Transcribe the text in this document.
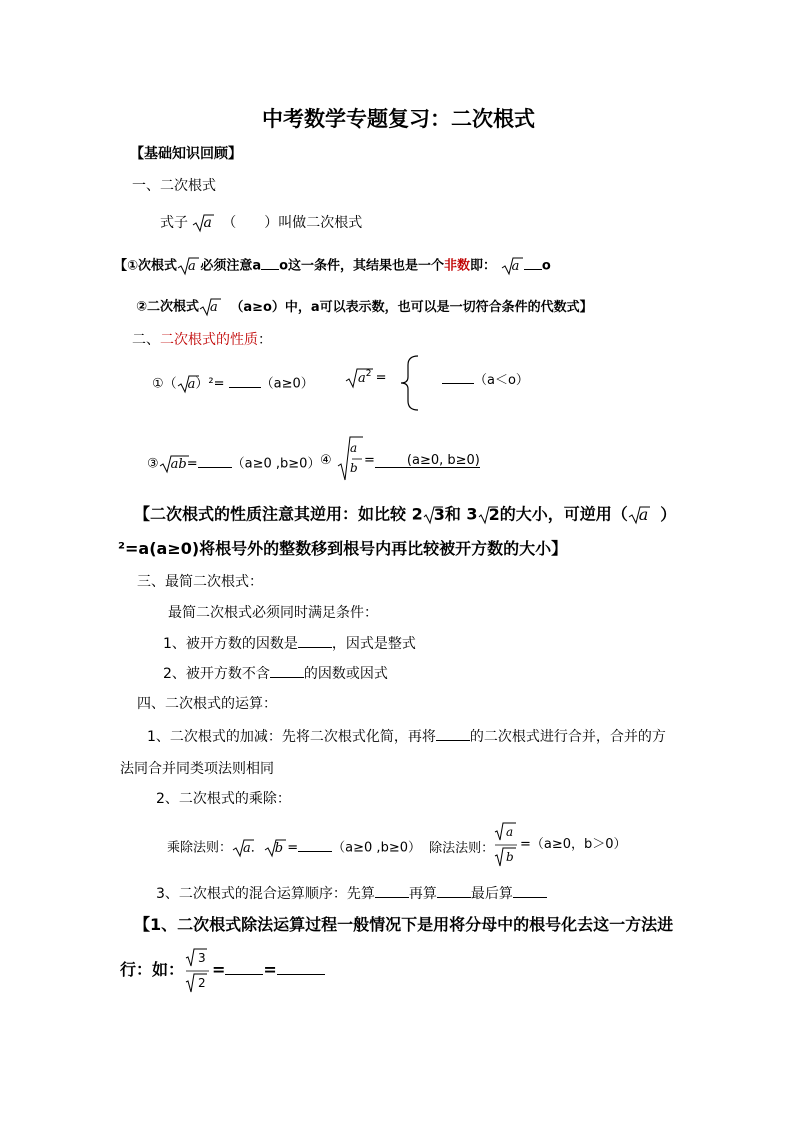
中考数学专题复习：二次根式
【基础知识回顾】
一、二次根式
式子 a （　　）叫做二次根式
【①次根式 a 必须注意a o这一条件，其结果也是一个非数即： a o
②二次根式 a （a≥o）中，a可以表示数，也可以是一切符合条件的代数式】
二、二次根式的性质：
①（ a）²=	（a≥0）	$a^2$ =	（a＜o）
③ ab=	（a≥0 ,b≥0） ④
a
b = (a≥0, b≥0)
【二次根式的性质注意其逆用：如比较 2 3和 3 2的大小，可逆用（ a ）
²=a(a≥0)将根号外的整数移到根号内再比较被开方数的大小】
三、最简二次根式：
最简二次根式必须同时满足条件：
1、被开方数的因数是 ，因式是整式
2、被开方数不含 的因数或因式
四、二次根式的运算：
1、二次根式的加减：先将二次根式化简，再将 的二次根式进行合并，合并的方
法同合并同类项法则相同
2、二次根式的乘除：
乘除法则： a． b =	（a≥0 ,b≥0） 除法法则：
a
b
=（a≥0，b＞0）
3、二次根式的混合运算顺序：先算 再算 最后算
【1、二次根式除法运算过程一般情况下是用将分母中的根号化去这一方法进
行：如：
3
2
= =
